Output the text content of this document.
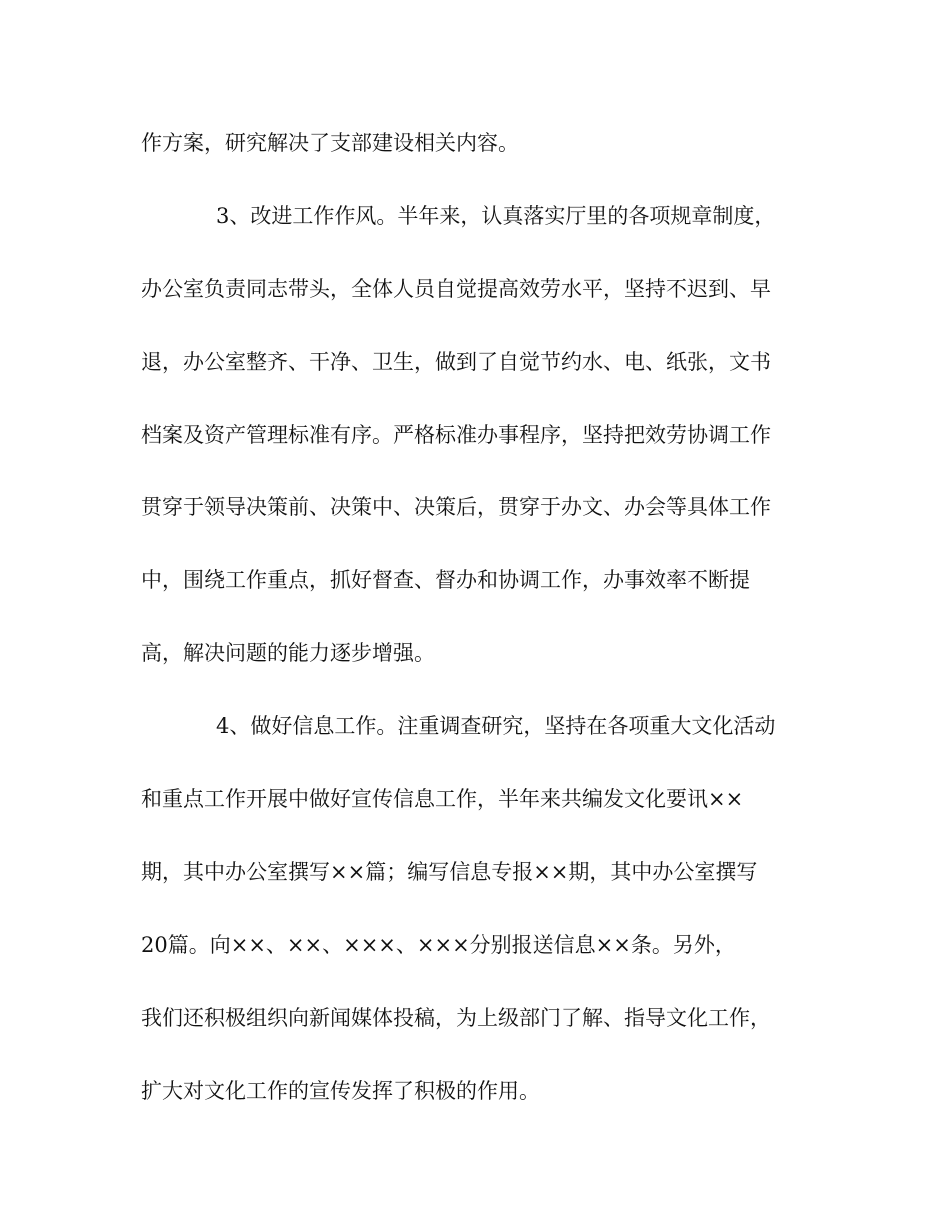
作方案，研究解决了支部建设相关内容。

3、改进工作作风。半年来，认真落实厅里的各项规章制度，

办公室负责同志带头，全体人员自觉提高效劳水平，坚持不迟到、早

退，办公室整齐、干净、卫生，做到了自觉节约水、电、纸张，文书

档案及资产管理标准有序。严格标准办事程序，坚持把效劳协调工作

贯穿于领导决策前、决策中、决策后，贯穿于办文、办会等具体工作

中，围绕工作重点，抓好督查、督办和协调工作，办事效率不断提

高，解决问题的能力逐步增强。

4、做好信息工作。注重调查研究，坚持在各项重大文化活动

和重点工作开展中做好宣传信息工作，半年来共编发文化要讯××

期，其中办公室撰写××篇；编写信息专报××期，其中办公室撰写

20篇。向××、××、×××、×××分别报送信息××条。另外，

我们还积极组织向新闻媒体投稿，为上级部门了解、指导文化工作，

扩大对文化工作的宣传发挥了积极的作用。
